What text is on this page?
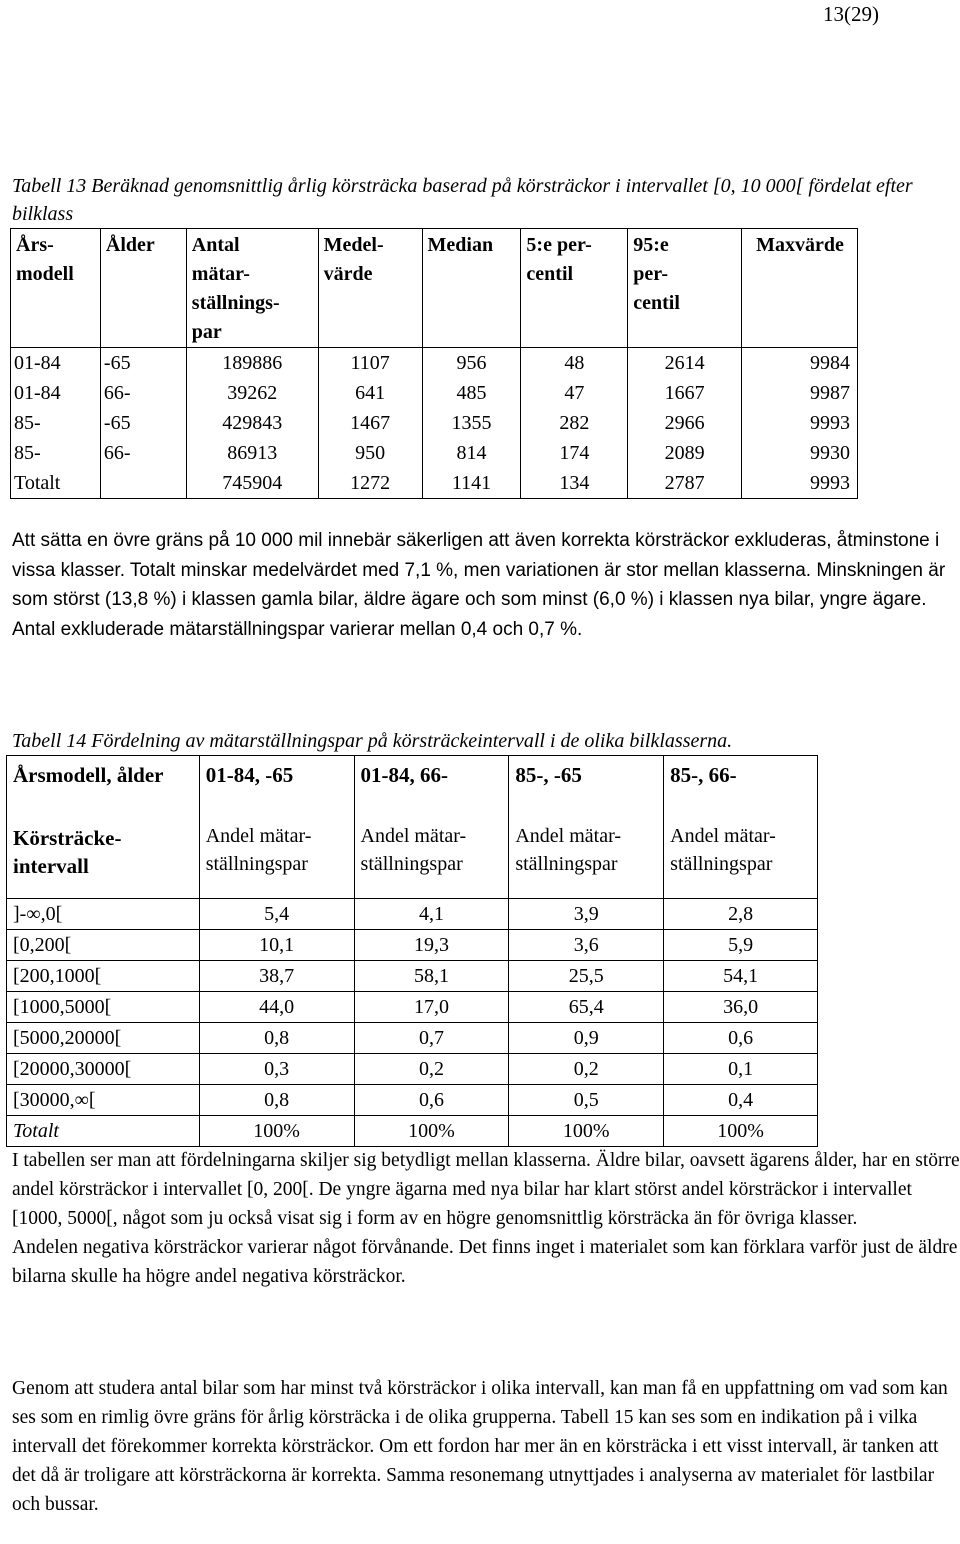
13(29)
Tabell 13 Beräknad genomsnittlig årlig körsträcka baserad på körsträckor i intervallet [0, 10 000[ fördelat efter bilklass
Års-
modell	Ålder	Antal
mätar-
ställnings-
par	Medel-
värde	Median	5:e per-
centil	95:e
per-
centil	Maxvärde
01-84	-65	189886	1107	956	48	2614	9984
01-84	66-	39262	641	485	47	1667	9987
85-	-65	429843	1467	1355	282	2966	9993
85-	66-	86913	950	814	174	2089	9930
Totalt		745904	1272	1141	134	2787	9993
Att sätta en övre gräns på 10 000 mil innebär säkerligen att även korrekta körsträckor exkluderas, åtminstone i vissa klasser. Totalt minskar medelvärdet med 7,1 %, men variationen är stor mellan klasserna. Minskningen är som störst (13,8 %) i klassen gamla bilar, äldre ägare och som minst (6,0 %) i klassen nya bilar, yngre ägare. Antal exkluderade mätarställningspar varierar mellan 0,4 och 0,7 %.
Tabell 14 Fördelning av mätarställningspar på körsträckeintervall i de olika bilklasserna.
Årsmodell, ålder	01-84, -65	01-84, 66-	85-, -65	85-, 66-
Körsträcke-
intervall	Andel mätar-
ställningspar	Andel mätar-
ställningspar	Andel mätar-
ställningspar	Andel mätar-
ställningspar
]-∞,0[	5,4	4,1	3,9	2,8
[0,200[	10,1	19,3	3,6	5,9
[200,1000[	38,7	58,1	25,5	54,1
[1000,5000[	44,0	17,0	65,4	36,0
[5000,20000[	0,8	0,7	0,9	0,6
[20000,30000[	0,3	0,2	0,2	0,1
[30000,∞[	0,8	0,6	0,5	0,4
Totalt	100%	100%	100%	100%

I tabellen ser man att fördelningarna skiljer sig betydligt mellan klasserna. Äldre bilar, oavsett ägarens ålder, har en större andel körsträckor i intervallet [0, 200[. De yngre ägarna med nya bilar har klart störst andel körsträckor i intervallet [1000, 5000[, något som ju också visat sig i form av en högre genomsnittlig körsträcka än för övriga klasser.

Andelen negativa körsträckor varierar något förvånande. Det finns inget i materialet som kan förklara varför just de äldre bilarna skulle ha högre andel negativa körsträckor.

Genom att studera antal bilar som har minst två körsträckor i olika intervall, kan man få en uppfattning om vad som kan ses som en rimlig övre gräns för årlig körsträcka i de olika grupperna. Tabell 15 kan ses som en indikation på i vilka intervall det förekommer korrekta körsträckor. Om ett fordon har mer än en körsträcka i ett visst intervall, är tanken att det då är troligare att körsträckorna är korrekta. Samma resonemang utnyttjades i analyserna av materialet för lastbilar och bussar.
